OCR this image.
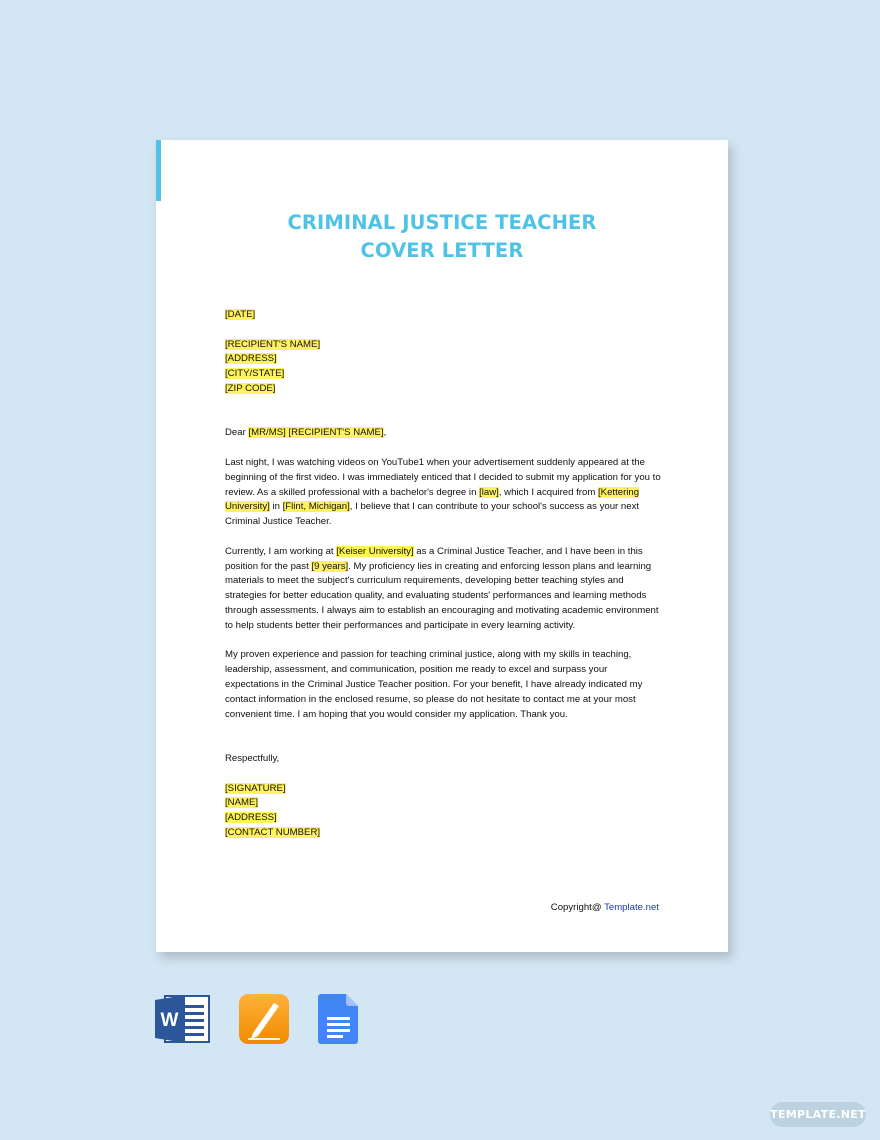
CRIMINAL JUSTICE TEACHER
COVER LETTER

[DATE]

[RECIPIENT'S NAME]

[ADDRESS]

[CITY/STATE]

[ZIP CODE]

Dear [MR/MS] [RECIPIENT'S NAME],

Last night, I was watching videos on YouTube1 when your advertisement suddenly appeared at the beginning of the first video. I was immediately enticed that I decided to submit my application for you to review. As a skilled professional with a bachelor's degree in [law], which I acquired from [Kettering University] in [Flint, Michigan], I believe that I can contribute to your school's success as your next Criminal Justice Teacher.

Currently, I am working at [Keiser University] as a Criminal Justice Teacher, and I have been in this position for the past [9 years]. My proficiency lies in creating and enforcing lesson plans and learning materials to meet the subject's curriculum requirements, developing better teaching styles and strategies for better education quality, and evaluating students' performances and learning methods through assessments. I always aim to establish an encouraging and motivating academic environment to help students better their performances and participate in every learning activity.

My proven experience and passion for teaching criminal justice, along with my skills in teaching, leadership, assessment, and communication, position me ready to excel and surpass your expectations in the Criminal Justice Teacher position. For your benefit, I have already indicated my contact information in the enclosed resume, so please do not hesitate to contact me at your most convenient time. I am hoping that you would consider my application. Thank you.

Respectfully,

[SIGNATURE]

[NAME]

[ADDRESS]

[CONTACT NUMBER]

Copyright@ Template.net
W
TEMPLATE.NET
